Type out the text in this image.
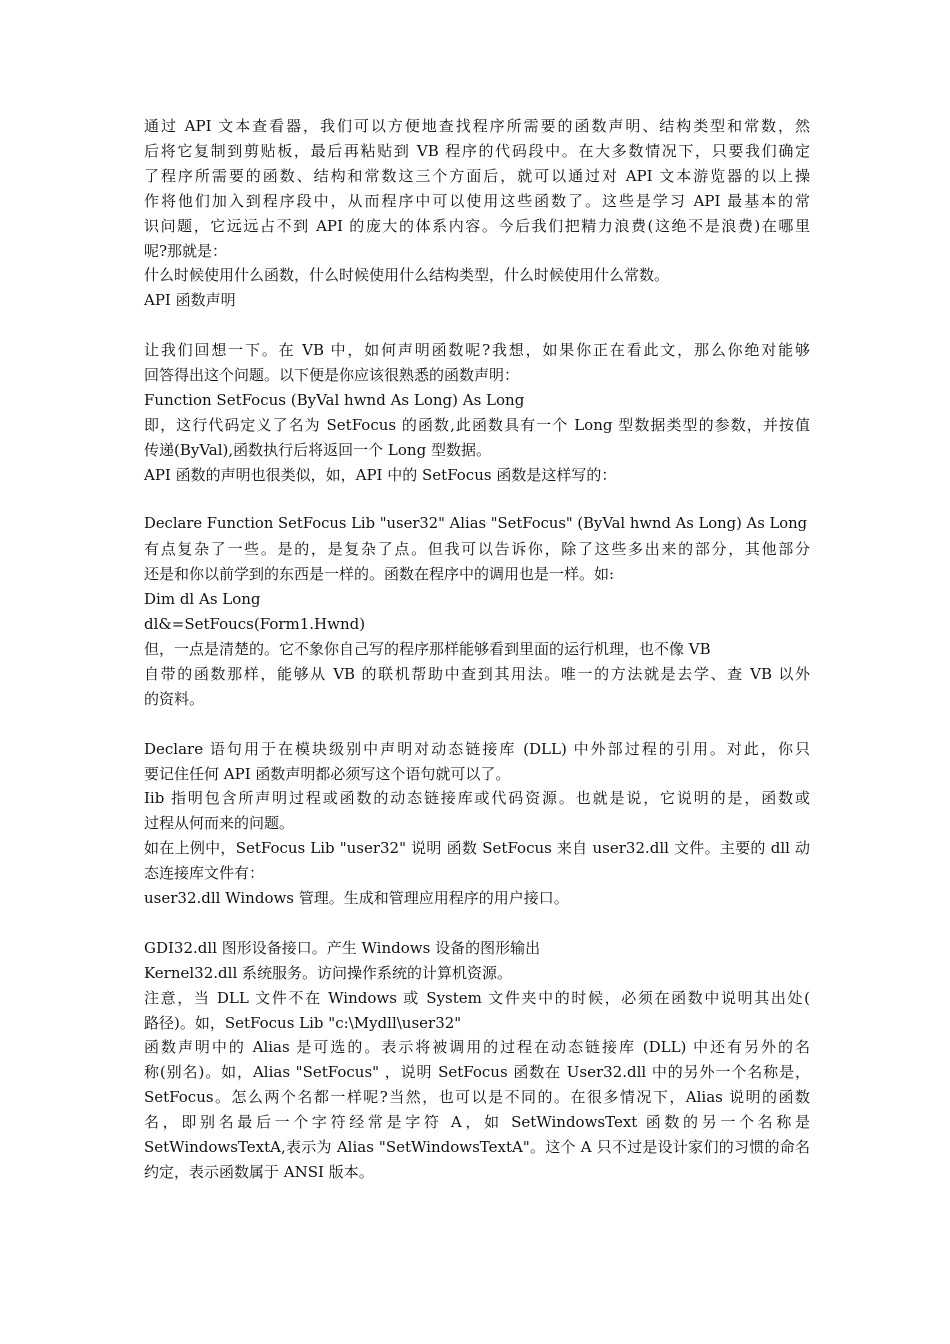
通过 API 文本查看器，我们可以方便地查找程序所需要的函数声明、结构类型和常数，然
后将它复制到剪贴板，最后再粘贴到 VB 程序的代码段中。在大多数情况下，只要我们确定
了程序所需要的函数、结构和常数这三个方面后，就可以通过对 API 文本游览器的以上操
作将他们加入到程序段中，从而程序中可以使用这些函数了。这些是学习 API 最基本的常
识问题，它远远占不到 API 的庞大的体系内容。今后我们把精力浪费(这绝不是浪费)在哪里
呢?那就是：
什么时候使用什么函数，什么时候使用什么结构类型，什么时候使用什么常数。
API 函数声明
让我们回想一下。在 VB 中，如何声明函数呢?我想，如果你正在看此文，那么你绝对能够
回答得出这个问题。以下便是你应该很熟悉的函数声明：
Function SetFocus (ByVal hwnd As Long) As Long
即，这行代码定义了名为 SetFocus 的函数,此函数具有一个 Long 型数据类型的参数，并按值
传递(ByVal),函数执行后将返回一个 Long 型数据。
API 函数的声明也很类似，如，API 中的 SetFocus 函数是这样写的：
Declare Function SetFocus Lib "user32" Alias "SetFocus" (ByVal hwnd As Long) As Long
有点复杂了一些。是的，是复杂了点。但我可以告诉你，除了这些多出来的部分，其他部分
还是和你以前学到的东西是一样的。函数在程序中的调用也是一样。如:
Dim dl As Long
dl&=SetFoucs(Form1.Hwnd)
但，一点是清楚的。它不象你自己写的程序那样能够看到里面的运行机理，也不像 VB
自带的函数那样，能够从 VB 的联机帮助中查到其用法。唯一的方法就是去学、查 VB 以外
的资料。
Declare 语句用于在模块级别中声明对动态链接库 (DLL) 中外部过程的引用。对此，你只
要记住任何 API 函数声明都必须写这个语句就可以了。
Iib 指明包含所声明过程或函数的动态链接库或代码资源。也就是说，它说明的是，函数或
过程从何而来的问题。
如在上例中，SetFocus Lib "user32" 说明 函数 SetFocus 来自 user32.dll 文件。主要的 dll 动
态连接库文件有：
user32.dll Windows 管理。生成和管理应用程序的用户接口。
GDI32.dll 图形设备接口。产生 Windows 设备的图形输出
Kernel32.dll 系统服务。访问操作系统的计算机资源。
注意，当 DLL 文件不在 Windows 或 System 文件夹中的时候，必须在函数中说明其出处(
路径)。如，SetFocus Lib "c:\Mydll\user32"
函数声明中的 Alias 是可选的。表示将被调用的过程在动态链接库 (DLL) 中还有另外的名
称(别名)。如，Alias "SetFocus" ，说明 SetFocus 函数在 User32.dll 中的另外一个名称是，
SetFocus。怎么两个名都一样呢?当然，也可以是不同的。在很多情况下，Alias 说明的函数
名，即别名最后一个字符经常是字符 A，如 SetWindowsText 函数的另一个名称是
SetWindowsTextA,表示为 Alias "SetWindowsTextA"。这个 A 只不过是设计家们的习惯的命名
约定，表示函数属于 ANSI 版本。
